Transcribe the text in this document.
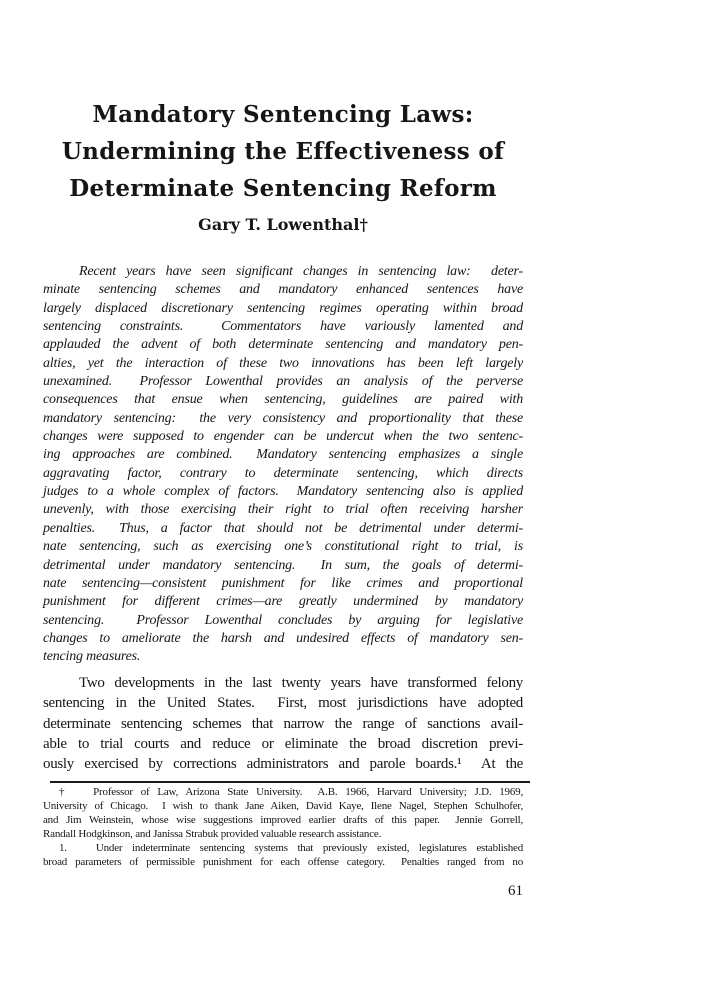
Mandatory Sentencing Laws:
Undermining the Effectiveness of
Determinate Sentencing Reform
Gary T. Lowenthal†
Recent years have seen significant changes in sentencing law:  deter-
minate sentencing schemes and mandatory enhanced sentences have
largely displaced discretionary sentencing regimes operating within broad
sentencing constraints.  Commentators have variously lamented and
applauded the advent of both determinate sentencing and mandatory pen-
alties, yet the interaction of these two innovations has been left largely
unexamined.  Professor Lowenthal provides an analysis of the perverse
consequences that ensue when sentencing, guidelines are paired with
mandatory sentencing:  the very consistency and proportionality that these
changes were supposed to engender can be undercut when the two sentenc-
ing approaches are combined.  Mandatory sentencing emphasizes a single
aggravating factor, contrary to determinate sentencing, which directs
judges to a whole complex of factors.  Mandatory sentencing also is applied
unevenly, with those exercising their right to trial often receiving harsher
penalties.  Thus, a factor that should not be detrimental under determi-
nate sentencing, such as exercising one’s constitutional right to trial, is
detrimental under mandatory sentencing.  In sum, the goals of determi-
nate sentencing—consistent punishment for like crimes and proportional
punishment for different crimes—are greatly undermined by mandatory
sentencing.  Professor Lowenthal concludes by arguing for legislative
changes to ameliorate the harsh and undesired effects of mandatory sen-
tencing measures.
Two developments in the last twenty years have transformed felony
sentencing in the United States.  First, most jurisdictions have adopted
determinate sentencing schemes that narrow the range of sanctions avail-
able to trial courts and reduce or eliminate the broad discretion previ-
ously exercised by corrections administrators and parole boards.¹  At the
†   Professor of Law, Arizona State University.  A.B. 1966, Harvard University; J.D. 1969,
University of Chicago.  I wish to thank Jane Aiken, David Kaye, Ilene Nagel, Stephen Schulhofer,
and Jim Weinstein, whose wise suggestions improved earlier drafts of this paper.  Jennie Gorrell,
Randall Hodgkinson, and Janissa Strabuk provided valuable research assistance.
1.   Under indeterminate sentencing systems that previously existed, legislatures established
broad parameters of permissible punishment for each offense category.  Penalties ranged from no
61
